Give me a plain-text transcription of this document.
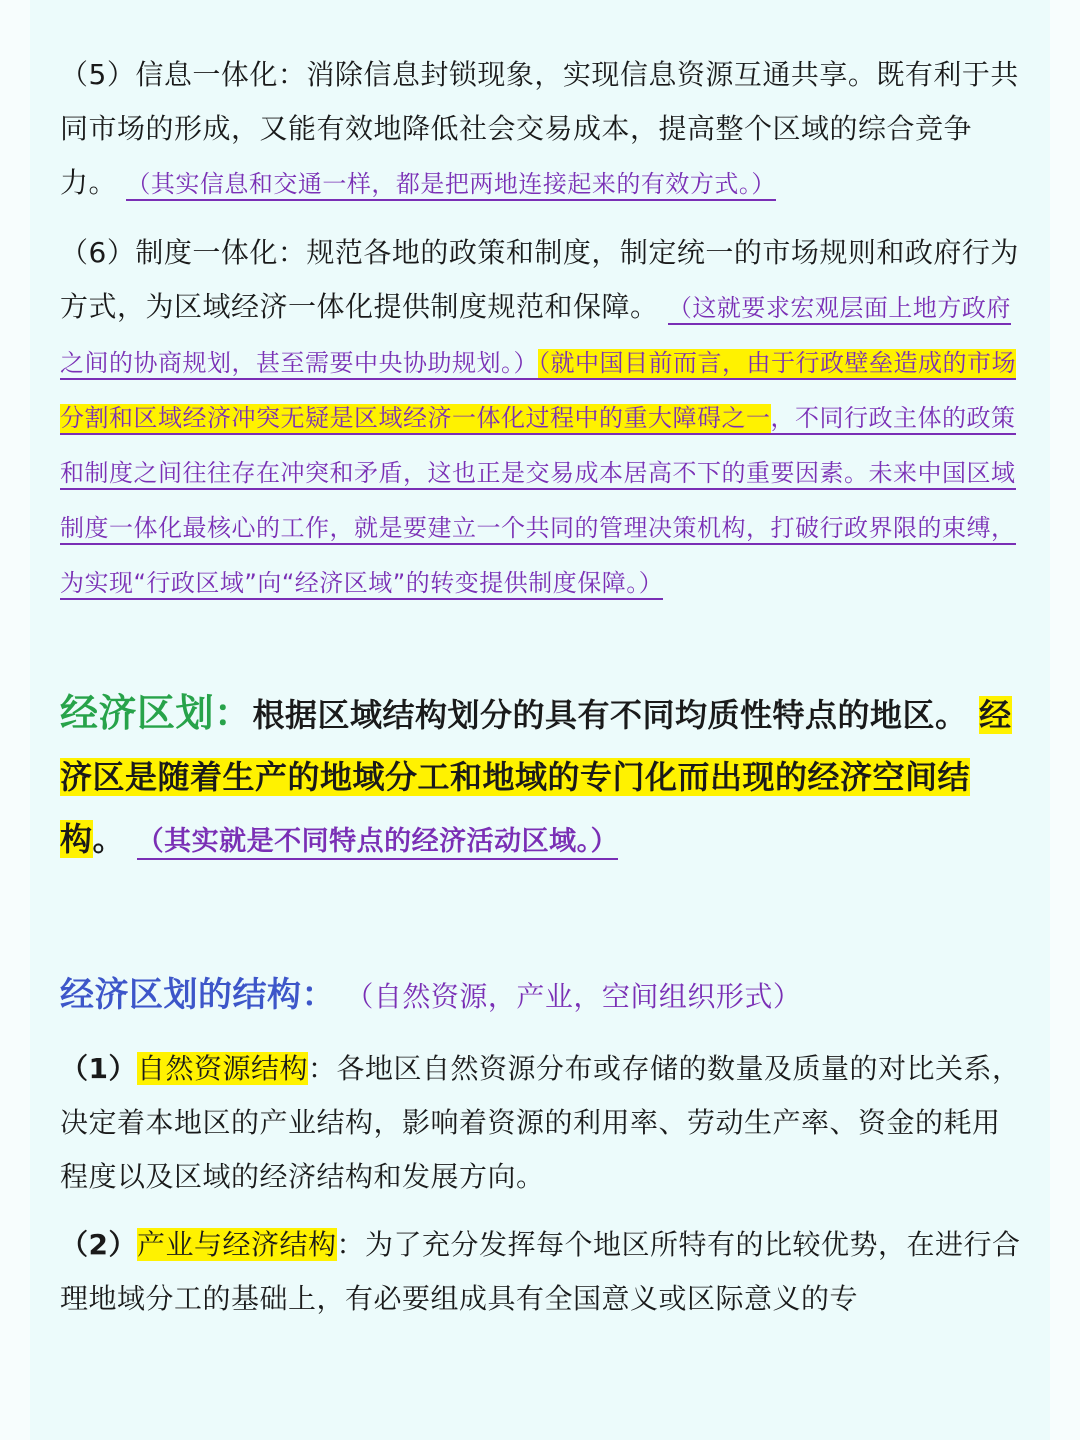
（5）信息一体化：消除信息封锁现象，实现信息资源互通共享。既有利于共同市场的形成，又能有效地降低社会交易成本，提高整个区域的综合竞争力。 （其实信息和交通一样，都是把两地连接起来的有效方式。）
（6）制度一体化：规范各地的政策和制度，制定统一的市场规则和政府行为方式，为区域经济一体化提供制度规范和保障。 （这就要求宏观层面上地方政府之间的协商规划，甚至需要中央协助规划。）（就中国目前而言，由于行政壁垒造成的市场分割和区域经济冲突无疑是区域经济一体化过程中的重大障碍之一，不同行政主体的政策和制度之间往往存在冲突和矛盾，这也正是交易成本居高不下的重要因素。未来中国区域制度一体化最核心的工作，就是要建立一个共同的管理决策机构，打破行政界限的束缚，为实现“行政区域”向“经济区域”的转变提供制度保障。）
经济区划：根据区域结构划分的具有不同均质性特点的地区。 经济区是随着生产的地域分工和地域的专门化而出现的经济空间结构。 （其实就是不同特点的经济活动区域。）
经济区划的结构： （自然资源，产业，空间组织形式）
（1）自然资源结构：各地区自然资源分布或存储的数量及质量的对比关系，决定着本地区的产业结构，影响着资源的利用率、劳动生产率、资金的耗用程度以及区域的经济结构和发展方向。
（2）产业与经济结构：为了充分发挥每个地区所特有的比较优势，在进行合理地域分工的基础上，有必要组成具有全国意义或区际意义的专
